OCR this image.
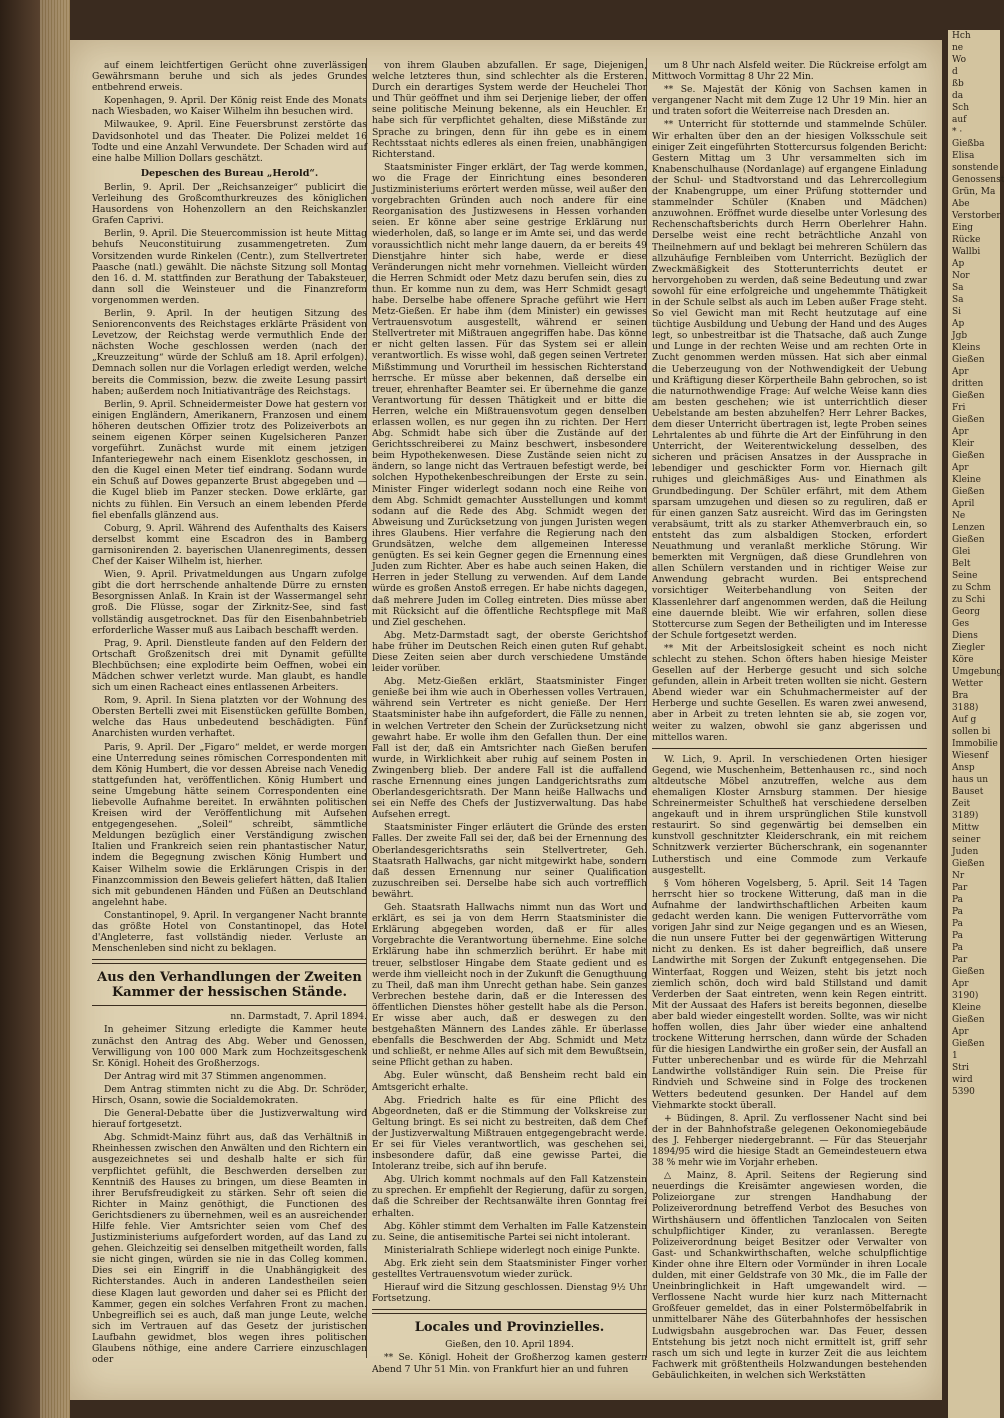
auf einem leichtfertigen Gerücht ohne zuverlässigen Gewährsmann beruhe und sich als jedes Grundes entbehrend erweis.

Kopenhagen, 9. April. Der König reist Ende des Monats nach Wiesbaden, wo Kaiser Wilhelm ihn besuchen wird.

Milwaukee, 9. April. Eine Feuersbrunst zerstörte das Davidsonhotel und das Theater. Die Polizei meldet 16 Todte und eine Anzahl Verwundete. Der Schaden wird auf eine halbe Million Dollars geschätzt.

Depeschen des Bureau „Herold“.

Berlin, 9. April. Der „Reichsanzeiger“ publicirt die Verleihung des Großcomthurkreuzes des königlichen Hausordens von Hohenzollern an den Reichskanzler Grafen Caprivi.

Berlin, 9. April. Die Steuercommission ist heute Mittag behufs Neuconstituirung zusammengetreten. Zum Vorsitzenden wurde Rinkelen (Centr.), zum Stellvertreter Paasche (natl.) gewählt. Die nächste Sitzung soll Montag den 16. d. M. stattfinden zur Berathung der Tabaksteuer, dann soll die Weinsteuer und die Finanzreform vorgenommen werden.

Berlin, 9. April. In der heutigen Sitzung des Seniorenconvents des Reichstages erklärte Präsident von Levetzow, der Reichstag werde vermuthlich Ende der nächsten Woche geschlossen werden (nach der „Kreuzzeitung“ würde der Schluß am 18. April erfolgen). Demnach sollen nur die Vorlagen erledigt werden, welche bereits die Commission, bezw. die zweite Lesung passirt haben; außerdem noch Initiativanträge des Reichstags.

Berlin, 9. April. Schneidermeister Dowe hat gestern vor einigen Engländern, Amerikanern, Franzosen und einem höheren deutschen Offizier trotz des Polizeiverbots an seinem eigenen Körper seinen Kugelsicheren Panzer vorgeführt. Zunächst wurde mit einem jetzigen Infanteriegewehr nach einem Eisenklotz geschossen, in den die Kugel einen Meter tief eindrang. Sodann wurde ein Schuß auf Dowes gepanzerte Brust abgegeben und — die Kugel blieb im Panzer stecken. Dowe erklärte, gar nichts zu fühlen. Ein Versuch an einem lebenden Pferde fiel ebenfalls glänzend aus.

Coburg, 9. April. Während des Aufenthalts des Kaisers derselbst kommt eine Escadron des in Bamberg garnisonirenden 2. bayerischen Ulanenregiments, dessen Chef der Kaiser Wilhelm ist, hierher.

Wien, 9. April. Privatmeldungen aus Ungarn zufolge gibt die dort herrschende anhaltende Dürre zu ernsten Besorgnissen Anlaß. In Krain ist der Wassermangel sehr groß. Die Flüsse, sogar der Zirknitz-See, sind fast vollständig ausgetrocknet. Das für den Eisenbahnbetrieb erforderliche Wasser muß aus Laibach beschafft werden.

Prag, 9. April. Dienstleute fanden auf den Feldern der Ortschaft Großzenitsch drei mit Dynamit gefüllte Blechbüchsen; eine explodirte beim Oeffnen, wobei ein Mädchen schwer verletzt wurde. Man glaubt, es handle sich um einen Racheact eines entlassenen Arbeiters.

Rom, 9. April. In Siena platzten vor der Wohnung des Obersten Bertelli zwei mit Eisenstücken gefüllte Bomben, welche das Haus unbedeutend beschädigten. Fünf Anarchisten wurden verhaftet.

Paris, 9. April. Der „Figaro“ meldet, er werde morgen eine Unterredung seines römischen Correspondenten mit dem König Humbert, die vor dessen Abreise nach Venedig stattgefunden hat, veröffentlichen. König Humbert und seine Umgebung hätte seinem Correspondenten eine liebevolle Aufnahme bereitet. In erwähnten politischen Kreisen wird der Veröffentlichung mit Aufsehen entgegengesehen. „Soleil“ schreibt, sämmtliche Meldungen bezüglich einer Verständigung zwischen Italien und Frankreich seien rein phantastischer Natur, indem die Begegnung zwischen König Humbert und Kaiser Wilhelm sowie die Erklärungen Crispis in der Finanzcommission den Beweis geliefert hätten, daß Italien sich mit gebundenen Händen und Füßen an Deutschland angelehnt habe.

Constantinopel, 9. April. In vergangener Nacht brannte das größte Hotel von Constantinopel, das Hotel d'Angleterre, fast vollständig nieder. Verluste an Menschenleben sind nicht zu beklagen.

Aus den Verhandlungen der Zweiten Kammer der hessischen Stände.

nn. Darmstadt, 7. April 1894.

In geheimer Sitzung erledigte die Kammer heute zunächst den Antrag des Abg. Weber und Genossen, Verwilligung von 100 000 Mark zum Hochzeitsgeschenk Sr. Königl. Hoheit des Großherzogs.

Der Antrag wird mit 37 Stimmen angenommen.

Dem Antrag stimmten nicht zu die Abg. Dr. Schröder, Hirsch, Osann, sowie die Socialdemokraten.

Die General-Debatte über die Justizverwaltung wird hierauf fortgesetzt.

Abg. Schmidt-Mainz führt aus, daß das Verhältniß in Rheinhessen zwischen den Anwälten und den Richtern ein ausgezeichnetes sei und deshalb halte er sich für verpflichtet gefühlt, die Beschwerden derselben zur Kenntniß des Hauses zu bringen, um diese Beamten in ihrer Berufsfreudigkeit zu stärken. Sehr oft seien die Richter in Mainz genöthigt, die Functionen des Gerichtsdieners zu übernehmen, weil es an ausreichender Hilfe fehle. Vier Amtsrichter seien vom Chef des Justizministeriums aufgefordert worden, auf das Land zu gehen. Gleichzeitig sei denselben mitgetheilt worden, falls sie nicht gingen, würden sie nie in das Colleg kommen. Dies sei ein Eingriff in die Unabhängigkeit des Richterstandes. Auch in anderen Landestheilen seien diese Klagen laut geworden und daher sei es Pflicht der Kammer, gegen ein solches Verfahren Front zu machen. Unbegreiflich sei es auch, daß man junge Leute, welche sich im Vertrauen auf das Gesetz der juristischen Laufbahn gewidmet, blos wegen ihres politischen Glaubens nöthige, eine andere Carriere einzuschlagen oder

von ihrem Glauben abzufallen. Er sage, Diejenigen, welche letzteres thun, sind schlechter als die Ersteren. Durch ein derartiges System werde der Heuchelei Thor und Thür geöffnet und ihm sei Derjenige lieber, der offen seine politische Meinung bekenne, als ein Heuchler. Er habe sich für verpflichtet gehalten, diese Mißstände zur Sprache zu bringen, denn für ihn gebe es in einem Rechtsstaat nichts edleres als einen freien, unabhängigen Richterstand.

Staatsminister Finger erklärt, der Tag werde kommen, wo die Frage der Einrichtung eines besonderen Justizministeriums erörtert werden müsse, weil außer den vorgebrachten Gründen auch noch andere für eine Reorganisation des Justizwesens in Hessen vorhanden seien. Er könne aber seine gestrige Erklärung nur wiederholen, daß, so lange er im Amte sei, und das werde voraussichtlich nicht mehr lange dauern, da er bereits 49 Dienstjahre hinter sich habe, werde er diese Veränderungen nicht mehr vornehmen. Vielleicht würden die Herren Schmidt oder Metz dazu berufen sein, dies zu thun. Er komme nun zu dem, was Herr Schmidt gesagt habe. Derselbe habe offenere Sprache geführt wie Herr Metz-Gießen. Er habe ihm (dem Minister) ein gewisses Vertrauensvotum ausgestellt, während er seinen Stellvertreter mit Mißtrauen angegriffen habe. Das könne er nicht gelten lassen. Für das System sei er allein verantwortlich. Es wisse wohl, daß gegen seinen Vertreter Mißstimmung und Vorurtheil im hessischen Richterstand herrsche. Er müsse aber bekennen, daß derselbe ein treuer, ehrenhafter Beamter sei. Er übernehme die ganze Verantwortung für dessen Thätigkeit und er bitte die Herren, welche ein Mißtrauensvotum gegen denselben erlassen wollen, es nur gegen ihn zu richten. Der Herr Abg. Schmidt habe sich über die Zustände auf der Gerichtsschreiberei zu Mainz beschwert, insbesondere beim Hypothekenwesen. Diese Zustände seien nicht zu ändern, so lange nicht das Vertrauen befestigt werde, bei solchen Hypothekenbeschreibungen der Erste zu sein. Minister Finger widerlegt sodann noch eine Reihe von dem Abg. Schmidt gemachter Ausstellungen und kommt sodann auf die Rede des Abg. Schmidt wegen der Abweisung und Zurücksetzung von jungen Juristen wegen ihres Glaubens. Hier verfahre die Regierung nach den Grundsätzen, welche dem allgemeinen Interesse genügten. Es sei kein Gegner gegen die Ernennung eines Juden zum Richter. Aber es habe auch seinen Haken, die Herren in jeder Stellung zu verwenden. Auf dem Lande würde es großen Anstoß erregen. Er habe nichts dagegen, daß mehrere Juden im Colleg eintreten. Dies müsse aber mit Rücksicht auf die öffentliche Rechtspflege mit Maß und Ziel geschehen.

Abg. Metz-Darmstadt sagt, der oberste Gerichtshof habe früher im Deutschen Reich einen guten Ruf gehabt. Diese Zeiten seien aber durch verschiedene Umstände leider vorüber.

Abg. Metz-Gießen erklärt, Staatsminister Finger genieße bei ihm wie auch in Oberhessen volles Vertrauen, während sein Vertreter es nicht genieße. Der Herr Staatsminister habe ihn aufgefordert, die Fälle zu nennen, in welchen Vertreter den Schein der Zurücksetzung nicht gewahrt habe. Er wolle ihm den Gefallen thun. Der eine Fall ist der, daß ein Amtsrichter nach Gießen berufen wurde, in Wirklichkeit aber ruhig auf seinem Posten in Zwingenberg blieb. Der andere Fall ist die auffallend rasche Ernennung eines jungen Landgerichtsraths zum Oberlandesgerichtsrath. Der Mann heiße Hallwachs und sei ein Neffe des Chefs der Justizverwaltung. Das habe Aufsehen erregt.

Staatsminister Finger erläutert die Gründe des ersten Falles. Der zweite Fall sei der, daß bei der Ernennung des Oberlandesgerichtsraths sein Stellvertreter, Geh. Staatsrath Hallwachs, gar nicht mitgewirkt habe, sondern daß dessen Ernennung nur seiner Qualification zuzuschreiben sei. Derselbe habe sich auch vortrefflich bewährt.

Geh. Staatsrath Hallwachs nimmt nun das Wort und erklärt, es sei ja von dem Herrn Staatsminister die Erklärung abgegeben worden, daß er für alles Vorgebrachte die Verantwortung übernehme. Eine solche Erklärung habe ihn schmerzlich berührt. Er habe mit treuer, selbstloser Hingabe dem Staate gedient und es werde ihm vielleicht noch in der Zukunft die Genugthuung zu Theil, daß man ihm Unrecht gethan habe. Sein ganzes Verbrechen bestehe darin, daß er die Interessen des öffentlichen Dienstes höher gestellt habe als die Person. Er wisse aber auch, daß er deswegen zu den bestgehaßten Männern des Landes zähle. Er überlasse ebenfalls die Beschwerden der Abg. Schmidt und Metz und schließt, er nehme Alles auf sich mit dem Bewußtsein, seine Pflicht gethan zu haben.

Abg. Euler wünscht, daß Bensheim recht bald ein Amtsgericht erhalte.

Abg. Friedrich halte es für eine Pflicht des Abgeordneten, daß er die Stimmung der Volkskreise zur Geltung bringt. Es sei nicht zu bestreiten, daß dem Chef der Justizverwaltung Mißtrauen entgegengebracht werde. Er sei für Vieles verantwortlich, was geschehen sei, insbesondere dafür, daß eine gewisse Partei, die Intoleranz treibe, sich auf ihn berufe.

Abg. Ulrich kommt nochmals auf den Fall Katzenstein zu sprechen. Er empfiehlt der Regierung, dafür zu sorgen, daß die Schreiber der Rechtsanwälte ihren Gonntag frei erhalten.

Abg. Köhler stimmt dem Verhalten im Falle Katzenstein zu. Seine, die antisemitische Partei sei nicht intolerant.

Ministerialrath Schliepe widerlegt noch einige Punkte.

Abg. Erk zieht sein dem Staatsminister Finger vorher gestelltes Vertrauensvotum wieder zurück.

Hierauf wird die Sitzung geschlossen. Dienstag 9½ Uhr Fortsetzung.

Locales und Provinzielles.

Gießen, den 10. April 1894.

** Se. Königl. Hoheit der Großherzog kamen gestern Abend 7 Uhr 51 Min. von Frankfurt hier an und fuhren

um 8 Uhr nach Alsfeld weiter. Die Rückreise erfolgt am Mittwoch Vormittag 8 Uhr 22 Min.

** Se. Majestät der König von Sachsen kamen in vergangener Nacht mit dem Zuge 12 Uhr 19 Min. hier an und traten sofort die Weiterreise nach Dresden an.

** Unterricht für stotternde und stammelnde Schüler. Wir erhalten über den an der hiesigen Volksschule seit einiger Zeit eingeführten Stottercursus folgenden Bericht: Gestern Mittag um 3 Uhr versammelten sich im Knabenschulhause (Nordanlage) auf ergangene Einladung der Schul- und Stadtvorstand und das Lehrercollegium der Knabengruppe, um einer Prüfung stotternder und stammelnder Schüler (Knaben und Mädchen) anzuwohnen. Eröffnet wurde dieselbe unter Vorlesung des Rechenschaftsberichts durch Herrn Oberlehrer Hahn. Derselbe weist eine recht beträchtliche Anzahl von Theilnehmern auf und beklagt bei mehreren Schülern das allzuhäufige Fernbleiben vom Unterricht. Bezüglich der Zweckmäßigkeit des Stotterunterrichts deutet er hervorgehoben zu werden, daß seine Bedeutung und zwar sowohl für eine erfolgreiche und ungehemmte Thätigkeit in der Schule selbst als auch im Leben außer Frage steht. So viel Gewicht man mit Recht heutzutage auf eine tüchtige Ausbildung und Uebung der Hand und des Auges legt, so unbestreitbar ist die Thatsache, daß auch Zunge und Lunge in der rechten Weise und am rechten Orte in Zucht genommen werden müssen. Hat sich aber einmal die Ueberzeugung von der Nothwendigkeit der Uebung und Kräftigung dieser Körpertheile Bahn gebrochen, so ist die naturnothwendige Frage: Auf welche Weise kann dies am besten geschehen; wie ist unterrichtlich dieser Uebelstande am besten abzuhelfen? Herr Lehrer Backes, dem dieser Unterricht übertragen ist, legte Proben seines Lehrtalentes ab und führte die Art der Einführung in den Unterricht, der Weiterentwickelung desselben, des sicheren und präcisen Ansatzes in der Aussprache in lebendiger und geschickter Form vor. Hiernach gilt ruhiges und gleichmäßiges Aus- und Einathmen als Grundbedingung. Der Schüler erfährt, mit dem Athem sparsam umzugehen und diesen so zu reguliren, daß er für einen ganzen Satz ausreicht. Wird das im Geringsten verabsäumt, tritt als zu starker Athemverbrauch ein, so entsteht das zum alsbaldigen Stocken, erfordert Neuathmung und veranlaßt merkliche Störung. Wir bemerkten mit Vergnügen, daß diese Grundlehren von allen Schülern verstanden und in richtiger Weise zur Anwendung gebracht wurden. Bei entsprechend vorsichtiger Weiterbehandlung von Seiten der Klassenlehrer darf angenommen werden, daß die Heilung eine dauernde bleibt. Wie wir erfahren, sollen diese Stottercurse zum Segen der Betheiligten und im Interesse der Schule fortgesetzt werden.

** Mit der Arbeitslosigkeit scheint es noch nicht schlecht zu stehen. Schon öfters haben hiesige Meister Gesellen auf der Herberge gesucht und sich solche gefunden, allein in Arbeit treten wollten sie nicht. Gestern Abend wieder war ein Schuhmachermeister auf der Herberge und suchte Gesellen. Es waren zwei anwesend, aber in Arbeit zu treten lehnten sie ab, sie zogen vor, weiter zu walzen, obwohl sie ganz abgerissen und mittellos waren.

W. Lich, 9. April. In verschiedenen Orten hiesiger Gegend, wie Muschenheim, Bettenhausen rc., sind noch altdeutsche Möbel anzutreffen, welche aus dem ehemaligen Kloster Arnsburg stammen. Der hiesige Schreinermeister Schultheß hat verschiedene derselben angekauft und in ihrem ursprünglichen Stile kunstvoll restaurirt. So sind gegenwärtig bei demselben ein kunstvoll geschnitzter Kleiderschrank, ein mit reichem Schnitzwerk verzierter Bücherschrank, ein sogenannter Lutherstisch und eine Commode zum Verkaufe ausgestellt.

§ Vom höheren Vogelsberg, 5. April. Seit 14 Tagen herrscht hier so trockene Witterung, daß man in die Aufnahme der landwirthschaftlichen Arbeiten kaum gedacht werden kann. Die wenigen Futtervorräthe vom vorigen Jahr sind zur Neige gegangen und es an Wiesen, die nun unsere Futter bei der gegenwärtigen Witterung nicht zu denken. Es ist daher begreiflich, daß unsere Landwirthe mit Sorgen der Zukunft entgegensehen. Die Winterfaat, Roggen und Weizen, steht bis jetzt noch ziemlich schön, doch wird bald Stillstand und damit Verderben der Saat eintreten, wenn kein Regen eintritt. Mit der Aussaat des Hafers ist bereits begonnen, dieselbe aber bald wieder eingestellt worden. Sollte, was wir nicht hoffen wollen, dies Jahr über wieder eine anhaltend trockene Witterung herrschen, dann würde der Schaden für die hiesigen Landwirthe ein großer sein, der Ausfall an Futter unberechenbar und es würde für die Mehrzahl Landwirthe vollständiger Ruin sein. Die Preise für Rindvieh und Schweine sind in Folge des trockenen Wetters bedeutend gesunken. Der Handel auf dem Viehmarkte stockt überall.

+ Büdingen, 8. April. Zu verflossener Nacht sind bei der in der Bahnhofstraße gelegenen Oekonomiegebäude des J. Fehberger niedergebrannt. — Für das Steuerjahr 1894/95 wird die hiesige Stadt an Gemeindesteuern etwa 38 % mehr wie im Vorjahr erheben.

△ Mainz, 8. April. Seitens der Regierung sind neuerdings die Kreisämter angewiesen worden, die Polizeiorgane zur strengen Handhabung der Polizeiverordnung betreffend Verbot des Besuches von Wirthshäusern und öffentlichen Tanzlocalen von Seiten schulpflichtiger Kinder, zu veranlassen. Beregte Polizeiverordnung beiget Besitzer oder Verwalter von Gast- und Schankwirthschaften, welche schulpflichtige Kinder ohne ihre Eltern oder Vormünder in ihren Locale dulden, mit einer Geldstrafe von 30 Mk., die im Falle der Uneinbringlichkeit in Haft umgewandelt wird. — Verflossene Nacht wurde hier kurz nach Mitternacht Großfeuer gemeldet, das in einer Polstermöbelfabrik in unmittelbarer Nähe des Güterbahnhofes der hessischen Ludwigsbahn ausgebrochen war. Das Feuer, dessen Entstehung bis jetzt noch nicht ermittelt ist, griff sehr rasch um sich und legte in kurzer Zeit die aus leichtem Fachwerk mit größtentheils Holzwandungen bestehenden Gebäulichkeiten, in welchen sich Werkstätten

Hch
ne
Wo
d
ßb
da
Sch
auf
* ·
Gießba
Elisa
sonstende
Genossenst
Grün, Ma
Abe
Verstorber
Eing
Rücke
Wallbi
Ap
Nor
Sa
Sa
Si
Ap
Jgb
Kleins
Gießen
Apr
dritten
Gießen
Fri
Gießen
Apr
Kleir
Gießen
Apr
Kleine
Gießen
April
Ne
Lenzen
Gießen
Glei
Belt
Seine
zu Schm
zu Schi
Georg
Ges
Diens
Ziegler
Köre
Umgebung
Wetter
Bra
3188)
Auf g
sollen bi
Immobilie
Wiesenf
Ansp
haus un
Bauset
Zeit
3189)
Mittw
seiner
Juden
Gießen
Nr
Par
Pa
Pa
Pa
Pa
Pa
Par
Gießen
Apr
3190)
Kleine
Gießen
Apr
Gießen
1
Stri
wird
5390
